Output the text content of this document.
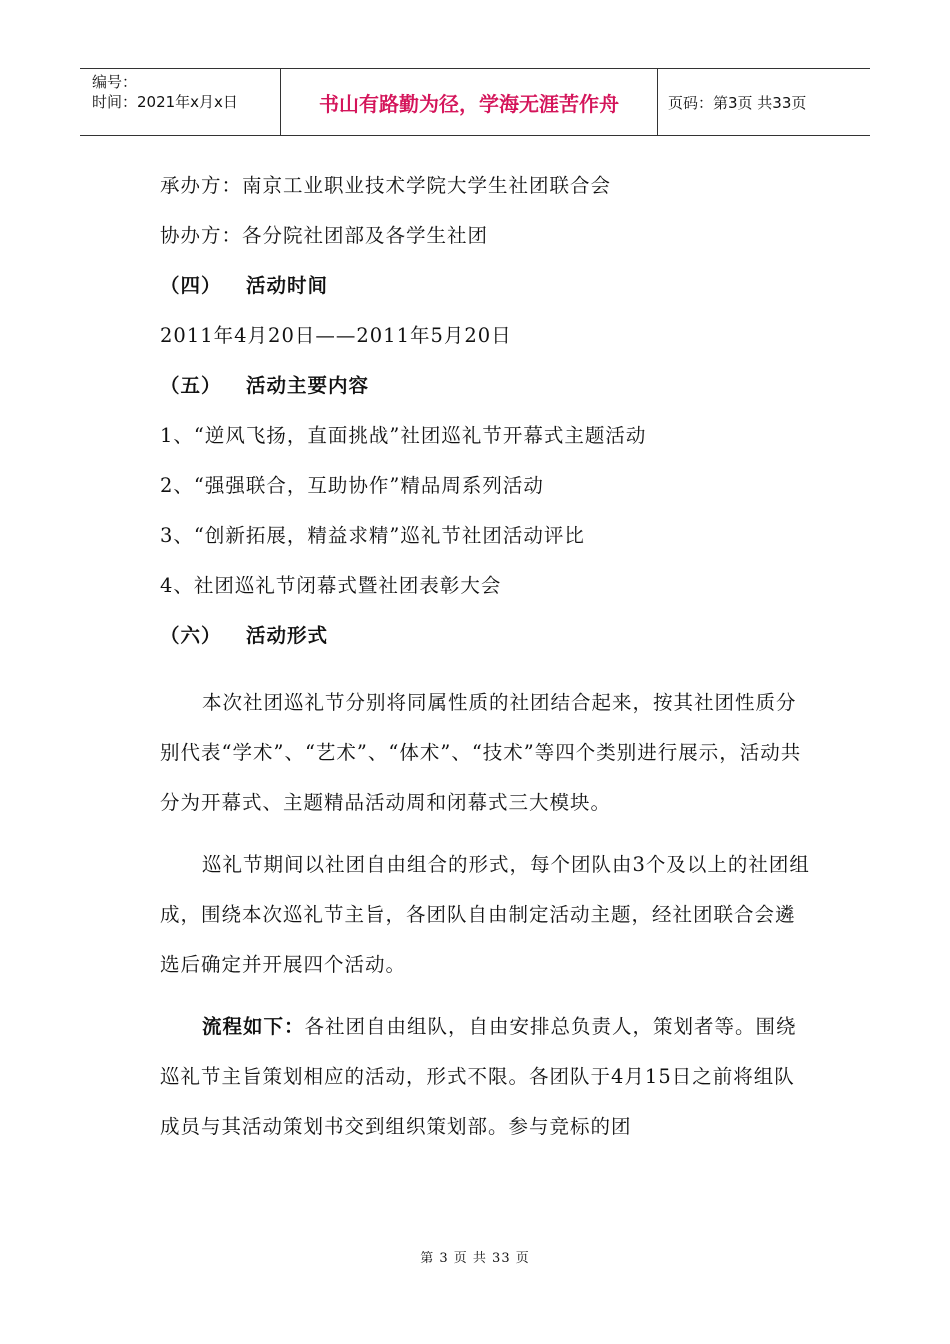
编号：
时间：2021年x月x日	书山有路勤为径，学海无涯苦作舟	页码：第3页 共33页
承办方：南京工业职业技术学院大学生社团联合会
协办方：各分院社团部及各学生社团
（四） 活动时间
2011年4月20日——2011年5月20日
（五） 活动主要内容
1、“逆风飞扬，直面挑战”社团巡礼节开幕式主题活动
2、“强强联合，互助协作”精品周系列活动
3、“创新拓展，精益求精”巡礼节社团活动评比
4、社团巡礼节闭幕式暨社团表彰大会
（六） 活动形式
本次社团巡礼节分别将同属性质的社团结合起来，按其社团性质分别代表“学术”、“艺术”、“体术”、“技术”等四个类别进行展示，活动共分为开幕式、主题精品活动周和闭幕式三大模块。
巡礼节期间以社团自由组合的形式，每个团队由3个及以上的社团组成，围绕本次巡礼节主旨，各团队自由制定活动主题，经社团联合会遴选后确定并开展四个活动。
流程如下：各社团自由组队，自由安排总负责人，策划者等。围绕巡礼节主旨策划相应的活动，形式不限。各团队于4月15日之前将组队成员与其活动策划书交到组织策划部。参与竞标的团
第 3 页 共 33 页
